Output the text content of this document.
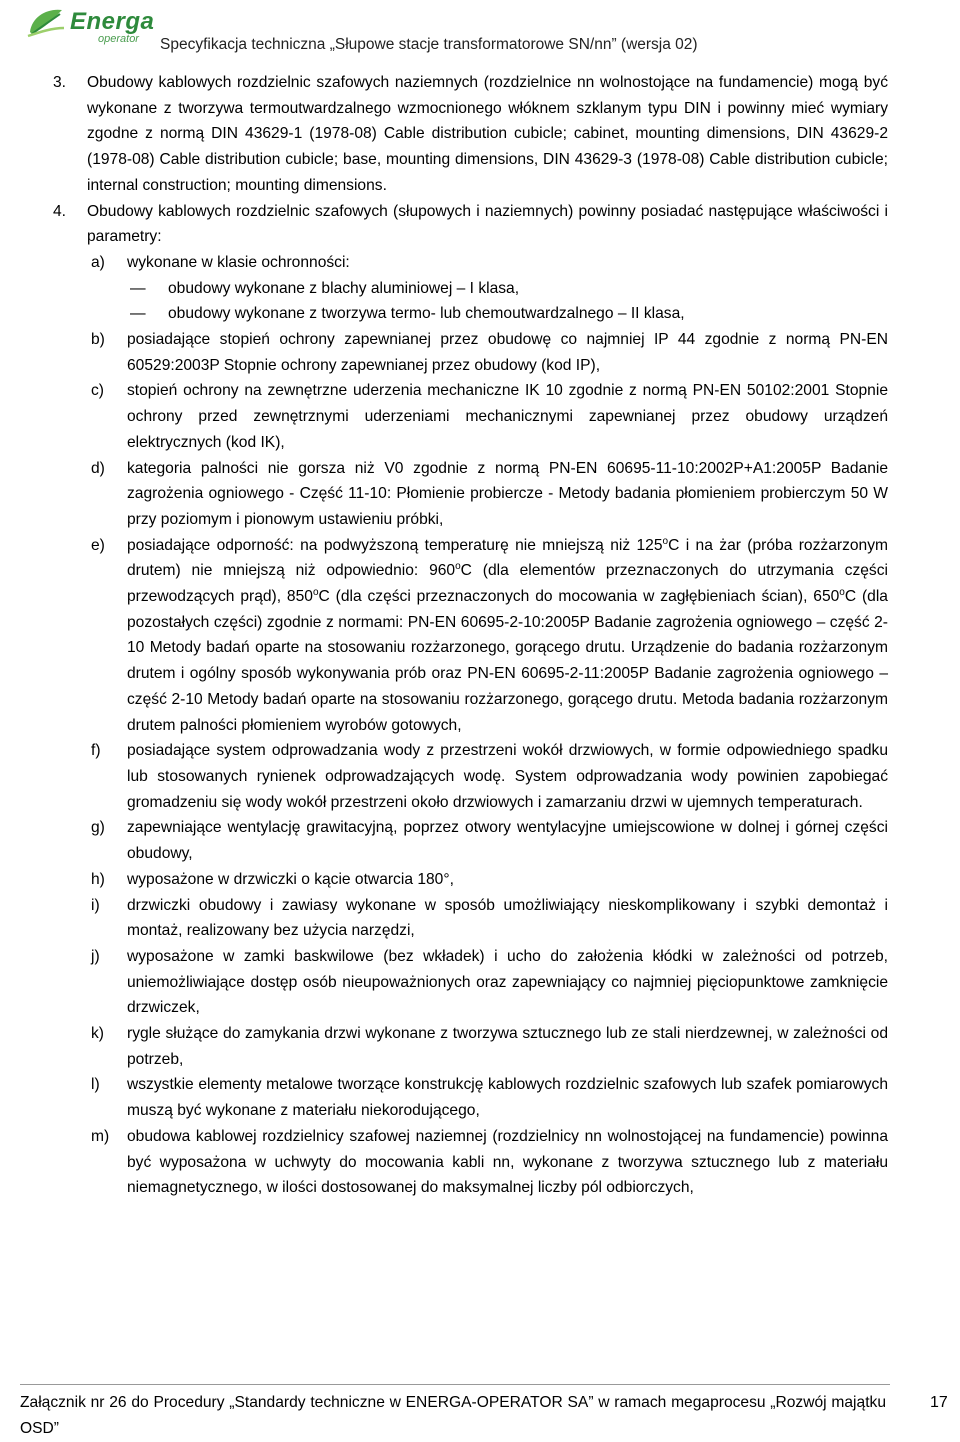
Energa
operator Specyfikacja techniczna „Słupowe stacje transformatorowe SN/nn” (wersja 02)
3. Obudowy kablowych rozdzielnic szafowych naziemnych (rozdzielnice nn wolnostojące na fundamencie) mogą być wykonane z tworzywa termoutwardzalnego wzmocnionego włóknem szklanym typu DIN i powinny mieć wymiary zgodne z normą DIN 43629-1 (1978-08) Cable distribution cubicle; cabinet, mounting dimensions, DIN 43629-2 (1978-08) Cable distribution cubicle; base, mounting dimensions, DIN 43629-3 (1978-08) Cable distribution cubicle; internal construction; mounting dimensions.
4. Obudowy kablowych rozdzielnic szafowych (słupowych i naziemnych) powinny posiadać następujące właściwości i parametry:
a) wykonane w klasie ochronności:
— obudowy wykonane z blachy aluminiowej – I klasa,
— obudowy wykonane z tworzywa termo- lub chemoutwardzalnego – II klasa,
b) posiadające stopień ochrony zapewnianej przez obudowę co najmniej IP 44 zgodnie z normą PN-EN 60529:2003P Stopnie ochrony zapewnianej przez obudowy (kod IP),
c) stopień ochrony na zewnętrzne uderzenia mechaniczne IK 10 zgodnie z normą PN-EN 50102:2001 Stopnie ochrony przed zewnętrznymi uderzeniami mechanicznymi zapewnianej przez obudowy urządzeń elektrycznych (kod IK),
d) kategoria palności nie gorsza niż V0 zgodnie z normą PN-EN 60695-11-10:2002P+A1:2005P Badanie zagrożenia ogniowego - Część 11-10: Płomienie probiercze - Metody badania płomieniem probierczym 50 W przy poziomym i pionowym ustawieniu próbki,
e) posiadające odporność: na podwyższoną temperaturę nie mniejszą niż 125$^o$C i na żar (próba rozżarzonym drutem) nie mniejszą niż odpowiednio: 960$^o$C (dla elementów przeznaczonych do utrzymania części przewodzących prąd), 850$^o$C (dla części przeznaczonych do mocowania w zagłębieniach ścian), 650$^o$C (dla pozostałych części) zgodnie z normami: PN-EN 60695-2-10:2005P Badanie zagrożenia ogniowego – część 2-10 Metody badań oparte na stosowaniu rozżarzonego, gorącego drutu. Urządzenie do badania rozżarzonym drutem i ogólny sposób wykonywania prób oraz PN-EN 60695-2-11:2005P Badanie zagrożenia ogniowego – część 2-10 Metody badań oparte na stosowaniu rozżarzonego, gorącego drutu. Metoda badania rozżarzonym drutem palności płomieniem wyrobów gotowych,
f) posiadające system odprowadzania wody z przestrzeni wokół drzwiowych, w formie odpowiedniego spadku lub stosowanych rynienek odprowadzających wodę. System odprowadzania wody powinien zapobiegać gromadzeniu się wody wokół przestrzeni około drzwiowych i zamarzaniu drzwi w ujemnych temperaturach.
g) zapewniające wentylację grawitacyjną, poprzez otwory wentylacyjne umiejscowione w dolnej i górnej części obudowy,
h) wyposażone w drzwiczki o kącie otwarcia 180°,
i) drzwiczki obudowy i zawiasy wykonane w sposób umożliwiający nieskomplikowany i szybki demontaż i montaż, realizowany bez użycia narzędzi,
j) wyposażone w zamki baskwilowe (bez wkładek) i ucho do założenia kłódki w zależności od potrzeb, uniemożliwiające dostęp osób nieupoważnionych oraz zapewniający co najmniej pięciopunktowe zamknięcie drzwiczek,
k) rygle służące do zamykania drzwi wykonane z tworzywa sztucznego lub ze stali nierdzewnej, w zależności od potrzeb,
l) wszystkie elementy metalowe tworzące konstrukcję kablowych rozdzielnic szafowych lub szafek pomiarowych muszą być wykonane z materiału niekorodującego,
m) obudowa kablowej rozdzielnicy szafowej naziemnej (rozdzielnicy nn wolnostojącej na fundamencie) powinna być wyposażona w uchwyty do mocowania kabli nn, wykonane z tworzywa sztucznego lub z materiału niemagnetycznego, w ilości dostosowanej do maksymalnej liczby pól odbiorczych,
Załącznik nr 26 do Procedury „Standardy techniczne w ENERGA-OPERATOR SA” w ramach megaprocesu „Rozwój majątku OSD”
17
